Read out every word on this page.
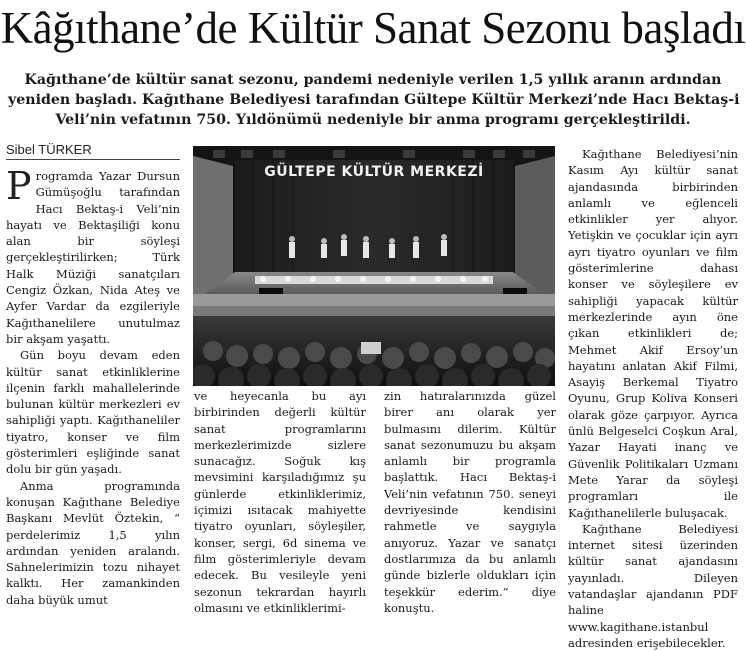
Kâğıthane’de Kültür Sanat Sezonu başladı
Kağıthane’de kültür sanat sezonu, pandemi nedeniyle verilen 1,5 yıllık aranın ardından
yeniden başladı. Kağıthane Belediyesi tarafından Gültepe Kültür Merkezi’nde Hacı Bektaş-i
Veli’nin vefatının 750. Yıldönümü nedeniyle bir anma programı gerçekleştirildi.
Sibel TÜRKER
GÜLTEPE KÜLTÜR MERKEZİ

Programda Yazar Dursun Gümüşoğlu tarafından Hacı Bektaş-i Veli’nin hayatı ve Bektaşiliği konu alan bir söyleşi gerçekleştirilirken; Türk Halk Müziği sanatçıları Cengiz Özkan, Nida Ateş ve Ayfer Vardar da ezgileriyle Kağıthanelilere unutulmaz bir akşam yaşattı.

Gün boyu devam eden kültür sanat etkinliklerine ilçenin farklı mahallelerinde bulunan kültür merkezleri ev sahipliği yaptı. Kağıthaneliler tiyatro, konser ve film gösterimleri eşliğinde sanat dolu bir gün yaşadı.

Anma programında konuşan Kağıthane Belediye Başkanı Mevlüt Öztekin, “ perdelerimiz 1,5 yılın ardından yeniden aralandı. Sahnelerimizin tozu nihayet kalktı. Her zamankinden daha büyük umut

ve heyecanla bu ayı birbirinden değerli kültür sanat programlarını merkezlerimizde sizlere sunacağız. Soğuk kış mevsimini karşıladığımız şu günlerde etkinliklerimiz, içimizi ısıtacak mahiyette tiyatro oyunları, söyleşiler, konser, sergi, 6d sinema ve film gösterimleriyle devam edecek. Bu vesileyle yeni sezonun tekrardan hayırlı olmasını ve etkinliklerimi-

zin hatıralarınızda güzel birer anı olarak yer bulmasını dilerim. Kültür sanat sezonumuzu bu akşam anlamlı bir programla başlattık. Hacı Bektaş-i Veli’nin vefatının 750. seneyi devriyesinde kendisini rahmetle ve saygıyla anıyoruz. Yazar ve sanatçı dostlarımıza da bu anlamlı günde bizlerle oldukları için teşekkür ederim.” diye konuştu.

Kağıthane Belediyesi’nin Kasım Ayı kültür sanat ajandasında birbirinden anlamlı ve eğlenceli etkinlikler yer alıyor. Yetişkin ve çocuklar için ayrı ayrı tiyatro oyunları ve film gösterimlerine dahası konser ve söyleşilere ev sahipliği yapacak kültür merkezlerinde ayın öne çıkan etkinlikleri de; Mehmet Akif Ersoy’un hayatını anlatan Akif Filmi, Asayiş Berkemal Tiyatro Oyunu, Grup Koliva Konseri olarak göze çarpıyor. Ayrıca ünlü Belgeselci Coşkun Aral, Yazar Hayati inanç ve Güvenlik Politikaları Uzmanı Mete Yarar da söyleşi programları ile Kağıthanelilerle buluşacak.

Kağıthane Belediyesi internet sitesi üzerinden kültür sanat ajandasını yayınladı. Dileyen vatandaşlar ajandanın PDF haline www.kagithane.istanbul adresinden erişebilecekler.
